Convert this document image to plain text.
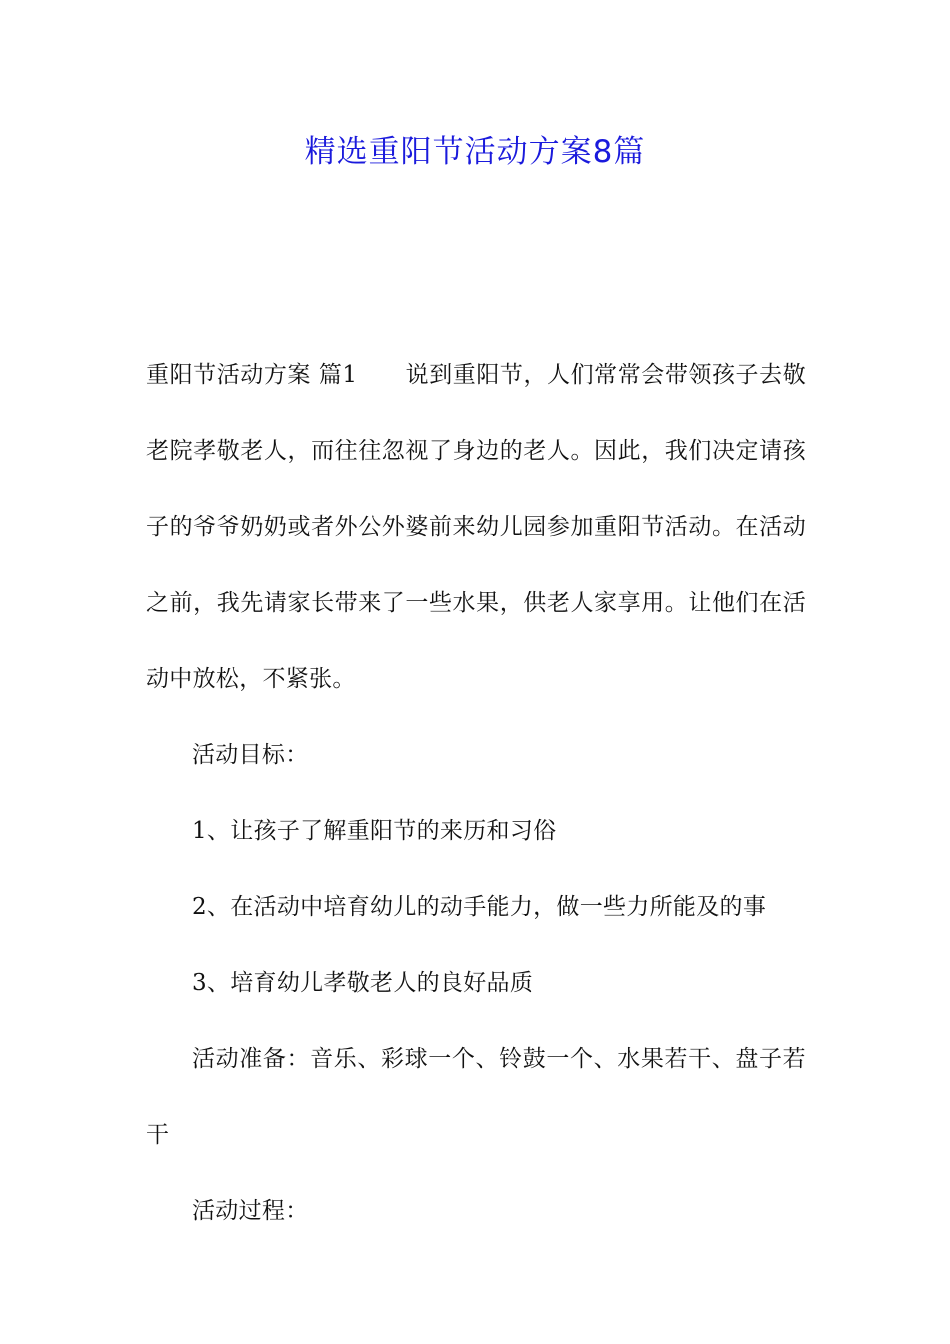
精选重阳节活动方案8篇

重阳节活动方案 篇1 说到重阳节，人们常常会带领孩子去敬老院孝敬老人，而往往忽视了身边的老人。因此，我们决定请孩子的爷爷奶奶或者外公外婆前来幼儿园参加重阳节活动。在活动之前，我先请家长带来了一些水果，供老人家享用。让他们在活动中放松，不紧张。

活动目标：

1、让孩子了解重阳节的来历和习俗

2、在活动中培育幼儿的动手能力，做一些力所能及的事

3、培育幼儿孝敬老人的良好品质

活动准备：音乐、彩球一个、铃鼓一个、水果若干、盘子若干

活动过程：
